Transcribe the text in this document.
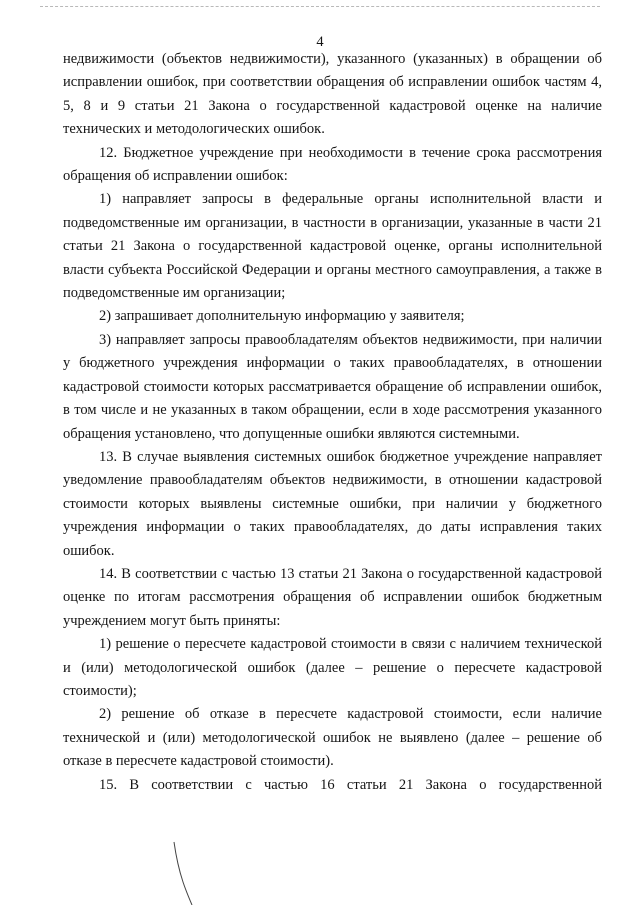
4

недвижимости (объектов недвижимости), указанного (указанных) в обращении об исправлении ошибок, при соответствии обращения об исправлении ошибок частям 4, 5, 8 и 9 статьи 21 Закона о государственной кадастровой оценке на наличие технических и методологических ошибок.

12. Бюджетное учреждение при необходимости в течение срока рассмотрения обращения об исправлении ошибок:

1) направляет запросы в федеральные органы исполнительной власти и подведомственные им организации, в частности в организации, указанные в части 21 статьи 21 Закона о государственной кадастровой оценке, органы исполнительной власти субъекта Российской Федерации и органы местного самоуправления, а также в подведомственные им организации;

2) запрашивает дополнительную информацию у заявителя;

3) направляет запросы правообладателям объектов недвижимости, при наличии у бюджетного учреждения информации о таких правообладателях, в отношении кадастровой стоимости которых рассматривается обращение об исправлении ошибок, в том числе и не указанных в таком обращении, если в ходе рассмотрения указанного обращения установлено, что допущенные ошибки являются системными.

13. В случае выявления системных ошибок бюджетное учреждение направляет уведомление правообладателям объектов недвижимости, в отношении кадастровой стоимости которых выявлены системные ошибки, при наличии у бюджетного учреждения информации о таких правообладателях, до даты исправления таких ошибок.

14. В соответствии с частью 13 статьи 21 Закона о государственной кадастровой оценке по итогам рассмотрения обращения об исправлении ошибок бюджетным учреждением могут быть приняты:

1) решение о пересчете кадастровой стоимости в связи с наличием технической и (или) методологической ошибок (далее – решение о пересчете кадастровой стоимости);

2) решение об отказе в пересчете кадастровой стоимости, если наличие технической и (или) методологической ошибок не выявлено (далее – решение об отказе в пересчете кадастровой стоимости).

15. В соответствии с частью 16 статьи 21 Закона о государственной
